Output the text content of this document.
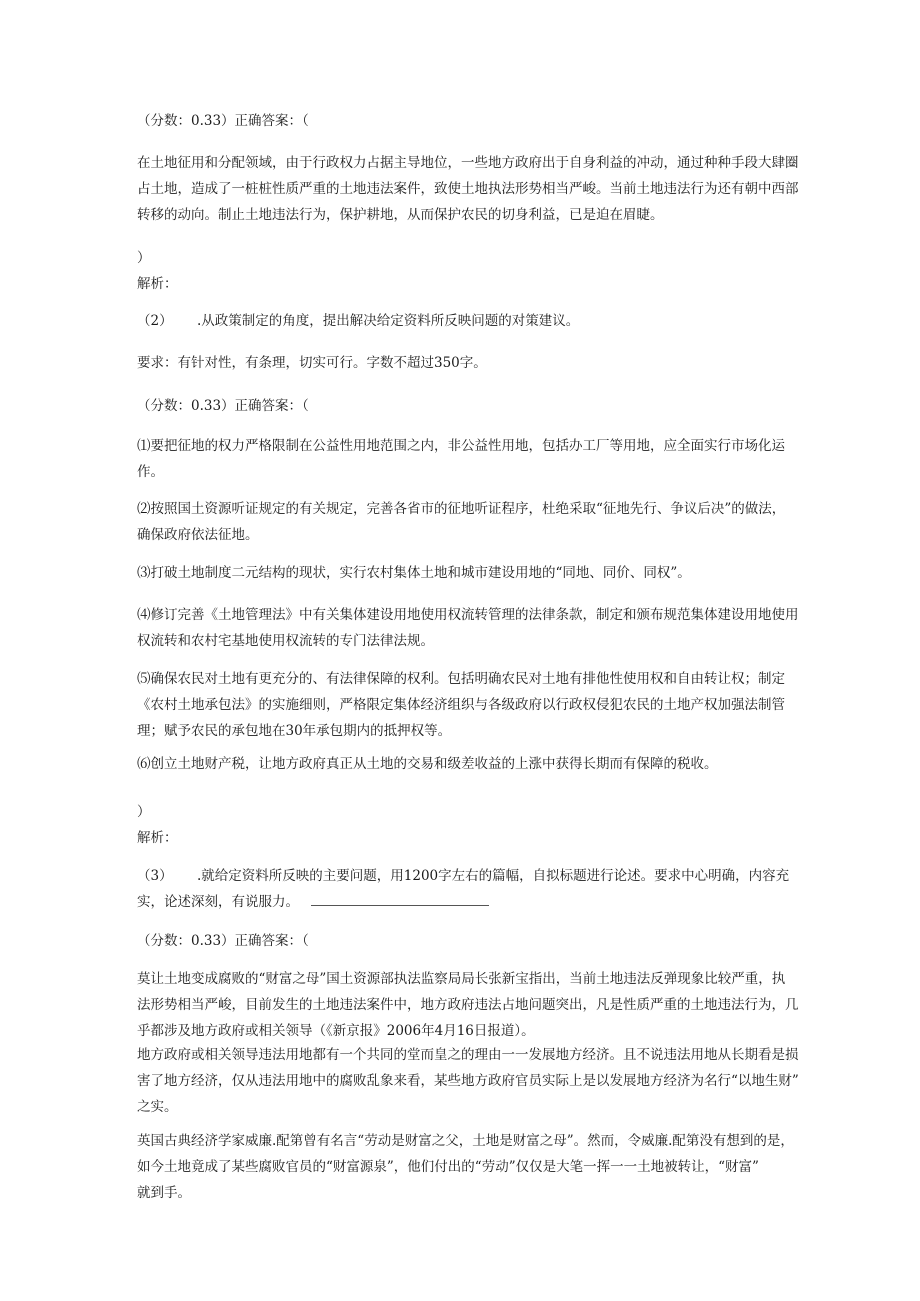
（分数：0.33）正确答案：（
在土地征用和分配领域，由于行政权力占据主导地位，一些地方政府出于自身利益的冲动，通过种种手段大肆圈
占土地，造成了一桩桩性质严重的土地违法案件，致使土地执法形势相当严峻。当前土地违法行为还有朝中西部
转移的动向。制止土地违法行为，保护耕地，从而保护农民的切身利益，已是迫在眉睫。
）
解析：
（2） .从政策制定的角度，提出解决给定资料所反映问题的对策建议。
要求：有针对性，有条理，切实可行。字数不超过350字。
（分数：0.33）正确答案：（
⑴要把征地的权力严格限制在公益性用地范围之内，非公益性用地，包括办工厂等用地，应全面实行市场化运
作。
⑵按照国土资源听证规定的有关规定，完善各省市的征地听证程序，杜绝采取“征地先行、争议后决”的做法，
确保政府依法征地。
⑶打破土地制度二元结构的现状，实行农村集体土地和城市建设用地的“同地、同价、同权”。
⑷修订完善《土地管理法》中有关集体建设用地使用权流转管理的法律条款，制定和颁布规范集体建设用地使用
权流转和农村宅基地使用权流转的专门法律法规。
⑸确保农民对土地有更充分的、有法律保障的权利。包括明确农民对土地有排他性使用权和自由转让权；制定
《农村土地承包法》的实施细则，严格限定集体经济组织与各级政府以行政权侵犯农民的土地产权加强法制管
理；赋予农民的承包地在30年承包期内的抵押权等。
⑹创立土地财产税，让地方政府真正从土地的交易和级差收益的上涨中获得长期而有保障的税收。
）
解析：
（3） .就给定资料所反映的主要问题，用1200字左右的篇幅，自拟标题进行论述。要求中心明确，内容充
实，论述深刻，有说服力。
（分数：0.33）正确答案：（
莫让土地变成腐败的“财富之母”国土资源部执法监察局局长张新宝指出，当前土地违法反弹现象比较严重，执
法形势相当严峻，目前发生的土地违法案件中，地方政府违法占地问题突出，凡是性质严重的土地违法行为，几
乎都涉及地方政府或相关领导（《新京报》2006年4月16日报道）。
地方政府或相关领导违法用地都有一个共同的堂而皇之的理由一一发展地方经济。且不说违法用地从长期看是损
害了地方经济，仅从违法用地中的腐败乱象来看，某些地方政府官员实际上是以发展地方经济为名行“以地生财”
之实。
英国古典经济学家威廉.配第曾有名言“劳动是财富之父，土地是财富之母”。然而，令威廉.配第没有想到的是，
如今土地竟成了某些腐败官员的“财富源泉”，他们付出的“劳动”仅仅是大笔一挥一一土地被转让，“财富”
就到手。
